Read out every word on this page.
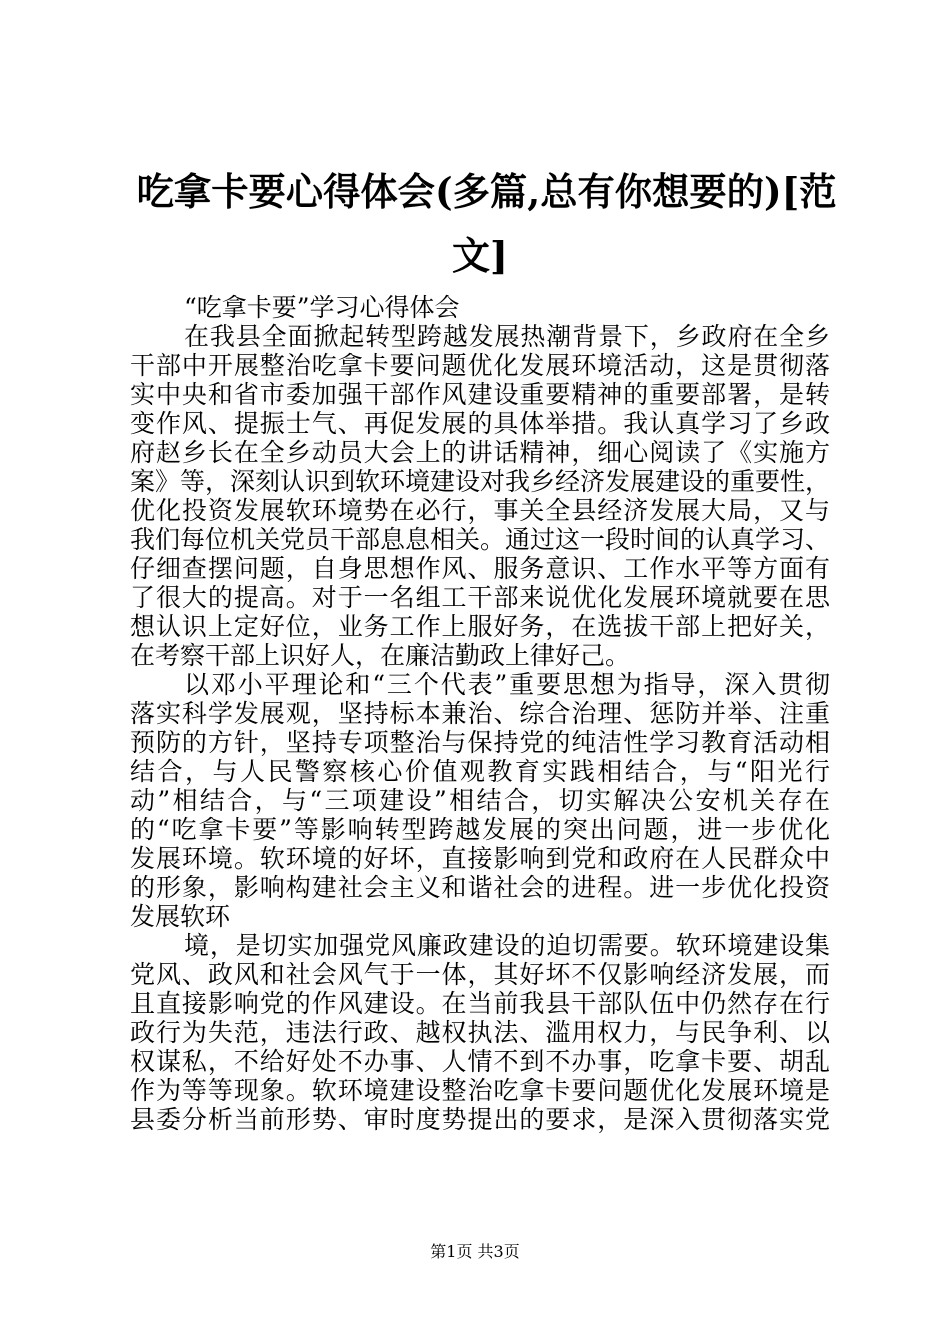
吃拿卡要心得体会(多篇,总有你想要的)[范
文]
“吃拿卡要”学习心得体会
在我县全面掀起转型跨越发展热潮背景下，乡政府在全乡
干部中开展整治吃拿卡要问题优化发展环境活动，这是贯彻落
实中央和省市委加强干部作风建设重要精神的重要部署，是转
变作风、提振士气、再促发展的具体举措。我认真学习了乡政
府赵乡长在全乡动员大会上的讲话精神，细心阅读了《实施方
案》等，深刻认识到软环境建设对我乡经济发展建设的重要性，
优化投资发展软环境势在必行，事关全县经济发展大局，又与
我们每位机关党员干部息息相关。通过这一段时间的认真学习、
仔细查摆问题，自身思想作风、服务意识、工作水平等方面有
了很大的提高。对于一名组工干部来说优化发展环境就要在思
想认识上定好位，业务工作上服好务，在选拔干部上把好关，
在考察干部上识好人，在廉洁勤政上律好己。
以邓小平理论和“三个代表”重要思想为指导，深入贯彻
落实科学发展观，坚持标本兼治、综合治理、惩防并举、注重
预防的方针，坚持专项整治与保持党的纯洁性学习教育活动相
结合，与人民警察核心价值观教育实践相结合，与“阳光行
动”相结合，与“三项建设”相结合，切实解决公安机关存在
的“吃拿卡要”等影响转型跨越发展的突出问题，进一步优化
发展环境。软环境的好坏，直接影响到党和政府在人民群众中
的形象，影响构建社会主义和谐社会的进程。进一步优化投资
发展软环
境，是切实加强党风廉政建设的迫切需要。软环境建设集
党风、政风和社会风气于一体，其好坏不仅影响经济发展，而
且直接影响党的作风建设。在当前我县干部队伍中仍然存在行
政行为失范，违法行政、越权执法、滥用权力，与民争利、以
权谋私，不给好处不办事、人情不到不办事，吃拿卡要、胡乱
作为等等现象。软环境建设整治吃拿卡要问题优化发展环境是
县委分析当前形势、审时度势提出的要求，是深入贯彻落实党
第1页 共3页
